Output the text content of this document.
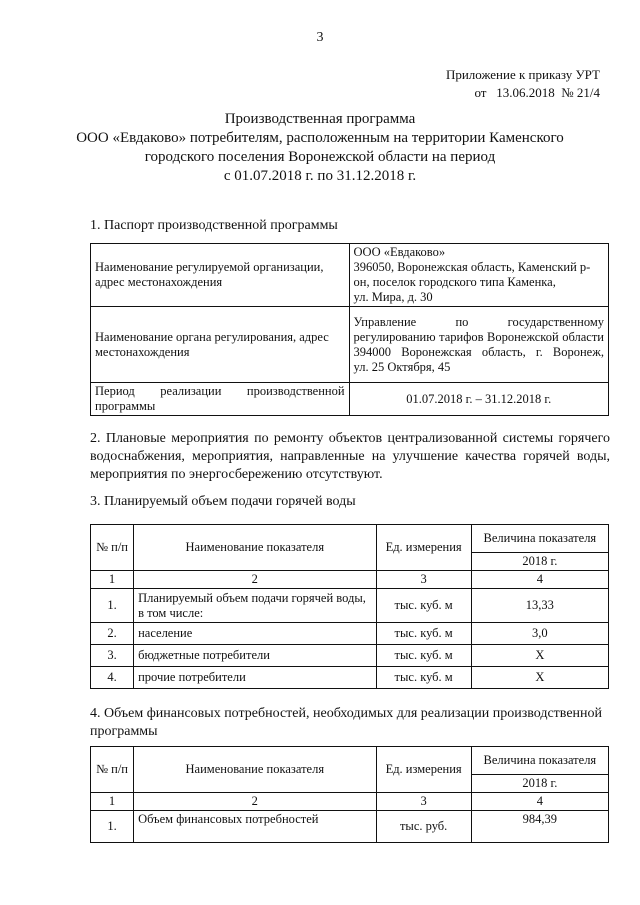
3
Приложение к приказу УРТ
от   13.06.2018  № 21/4
Производственная программа
ООО «Евдаково» потребителям, расположенным на территории Каменского
городского поселения Воронежской области на период
с 01.07.2018 г. по 31.12.2018 г.
1. Паспорт производственной программы
Наименование регулируемой организации, адрес местонахождения	ООО «Евдаково»
396050, Воронежская область, Каменский р-он, поселок городского типа Каменка,
ул. Мира, д. 30

Наименование органа регулирования, адрес местонахождения	Управление по государственному регулированию тарифов Воронежской области
394000 Воронежская область, г. Воронеж,
ул. 25 Октября, 45

Период реализации производственной программы	01.07.2018 г. – 31.12.2018 г.
2. Плановые мероприятия по ремонту объектов централизованной системы горячего водоснабжения, мероприятия, направленные на улучшение качества горячей воды, мероприятия по энергосбережению отсутствуют.
3. Планируемый объем подачи горячей воды
№ п/п	Наименование показателя	Ед. измерения	Величина показателя
			2018 г.
1	2	3	4
1.	Планируемый объем подачи горячей воды, в том числе:	тыс. куб. м	13,33
2.	население	тыс. куб. м	3,0
3.	бюджетные потребители	тыс. куб. м	Х
4.	прочие потребители	тыс. куб. м	Х
4. Объем финансовых потребностей, необходимых для реализации производственной программы
№ п/п	Наименование показателя	Ед. измерения	Величина показателя
			2018 г.
1	2	3	4
1.	Объем финансовых потребностей	тыс. руб.	984,39
